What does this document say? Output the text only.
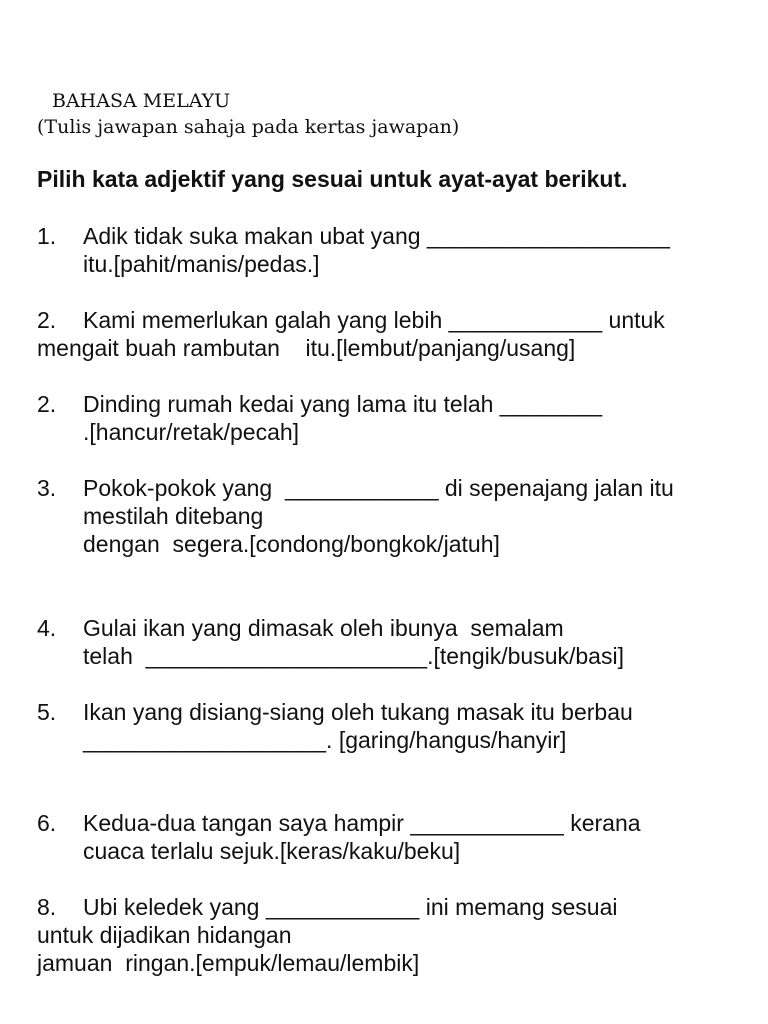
BAHASA MELAYU
(Tulis jawapan sahaja pada kertas jawapan)
Pilih kata adjektif yang sesuai untuk ayat-ayat berikut.
1. Adik tidak suka makan ubat yang ___________________
itu.[pahit/manis/pedas.]
2. Kami memerlukan galah yang lebih ____________ untuk
mengait buah rambutan    itu.[lembut/panjang/usang]
2. Dinding rumah kedai yang lama itu telah ________
.[hancur/retak/pecah]
3. Pokok-pokok yang  ____________ di sepenajang jalan itu
mestilah ditebang
dengan  segera.[condong/bongkok/jatuh]
4. Gulai ikan yang dimasak oleh ibunya  semalam
telah  ______________________.[tengik/busuk/basi]
5. Ikan yang disiang-siang oleh tukang masak itu berbau
___________________. [garing/hangus/hanyir]
6. Kedua-dua tangan saya hampir ____________ kerana
cuaca terlalu sejuk.[keras/kaku/beku]
8. Ubi keledek yang ____________ ini memang sesuai
untuk dijadikan hidangan
jamuan  ringan.[empuk/lemau/lembik]
